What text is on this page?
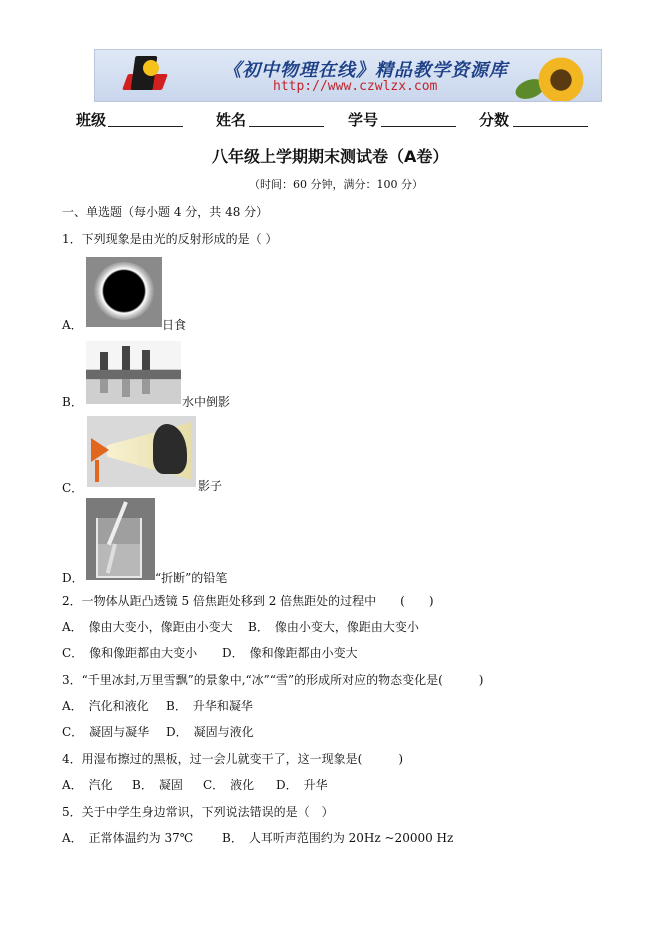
《初中物理在线》精品教学资源库
http://www.czwlzx.com
班级	姓名	学号	分数
八年级上学期期末测试卷（A卷）
（时间：60 分钟，满分：100 分）
一、单选题（每小题 4 分，共 48 分）
1．下列现象是由光的反射形成的是（ ）
A．	日食
B．	水中倒影
C．	影子
D．	“折断”的铅笔
2．一物体从距凸透镜 5 倍焦距处移到 2 倍焦距处的过程中　　(　　)
A．　像由大变小，像距由小变大 B．　像由小变大，像距由大变小
C．　像和像距都由大变小 D．　像和像距都由小变大
3．“千里冰封,万里雪飘”的景象中,“冰”“雪”的形成所对应的物态变化是(　　　)
A．　汽化和液化 B．　升华和凝华
C．　凝固与凝华 D．　凝固与液化
4．用湿布擦过的黑板，过一会儿就变干了，这一现象是(　　　)
A．　汽化 B．　凝固 C．　液化 D．　升华
5．关于中学生身边常识，下列说法错误的是（　）
A．　正常体温约为 37℃ B．　人耳听声范围约为 20Hz ~20000 Hz
